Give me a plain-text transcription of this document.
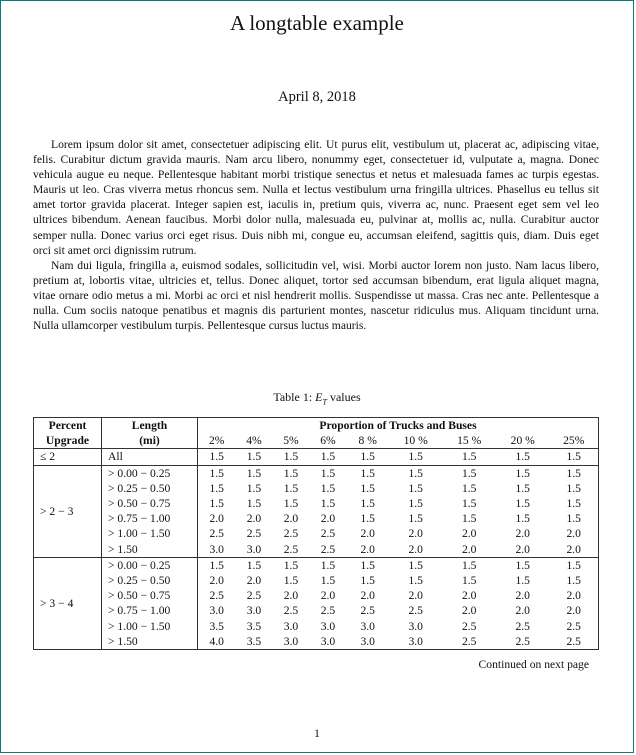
A longtable example
April 8, 2018

Lorem ipsum dolor sit amet, consectetuer adipiscing elit. Ut purus elit, vestibulum ut, placerat ac, adipiscing vitae, felis. Curabitur dictum gravida mauris. Nam arcu libero, nonummy eget, consectetuer id, vulputate a, magna. Donec vehicula augue eu neque. Pellentesque habitant morbi tristique senectus et netus et malesuada fames ac turpis egestas. Mauris ut leo. Cras viverra metus rhoncus sem. Nulla et lectus vestibulum urna fringilla ultrices. Phasellus eu tellus sit amet tortor gravida placerat. Integer sapien est, iaculis in, pretium quis, viverra ac, nunc. Praesent eget sem vel leo ultrices bibendum. Aenean faucibus. Morbi dolor nulla, malesuada eu, pulvinar at, mollis ac, nulla. Curabitur auctor semper nulla. Donec varius orci eget risus. Duis nibh mi, congue eu, accumsan eleifend, sagittis quis, diam. Duis eget orci sit amet orci dignissim rutrum.

Nam dui ligula, fringilla a, euismod sodales, sollicitudin vel, wisi. Morbi auctor lorem non justo. Nam lacus libero, pretium at, lobortis vitae, ultricies et, tellus. Donec aliquet, tortor sed accumsan bibendum, erat ligula aliquet magna, vitae ornare odio metus a mi. Morbi ac orci et nisl hendrerit mollis. Suspendisse ut massa. Cras nec ante. Pellentesque a nulla. Cum sociis natoque penatibus et magnis dis parturient montes, nascetur ridiculus mus. Aliquam tincidunt urna. Nulla ullamcorper vestibulum turpis. Pellentesque cursus luctus mauris.

Table 1: $E_T$ values
Percent	Length	Proportion of Trucks and Buses								
Upgrade	(mi)	2%	4%	5%	6%	8 %	10 %	15 %	20 %	25%
≤ 2	All	1.5	1.5	1.5	1.5	1.5	1.5	1.5	1.5	1.5
> 2 − 3	> 0.00 − 0.25	1.5	1.5	1.5	1.5	1.5	1.5	1.5	1.5	1.5
	> 0.25 − 0.50	1.5	1.5	1.5	1.5	1.5	1.5	1.5	1.5	1.5
	> 0.50 − 0.75	1.5	1.5	1.5	1.5	1.5	1.5	1.5	1.5	1.5
	> 0.75 − 1.00	2.0	2.0	2.0	2.0	1.5	1.5	1.5	1.5	1.5
	> 1.00 − 1.50	2.5	2.5	2.5	2.5	2.0	2.0	2.0	2.0	2.0
	> 1.50	3.0	3.0	2.5	2.5	2.0	2.0	2.0	2.0	2.0
> 3 − 4	> 0.00 − 0.25	1.5	1.5	1.5	1.5	1.5	1.5	1.5	1.5	1.5
	> 0.25 − 0.50	2.0	2.0	1.5	1.5	1.5	1.5	1.5	1.5	1.5
	> 0.50 − 0.75	2.5	2.5	2.0	2.0	2.0	2.0	2.0	2.0	2.0
	> 0.75 − 1.00	3.0	3.0	2.5	2.5	2.5	2.5	2.0	2.0	2.0
	> 1.00 − 1.50	3.5	3.5	3.0	3.0	3.0	3.0	2.5	2.5	2.5
	> 1.50	4.0	3.5	3.0	3.0	3.0	3.0	2.5	2.5	2.5
Continued on next page
1
